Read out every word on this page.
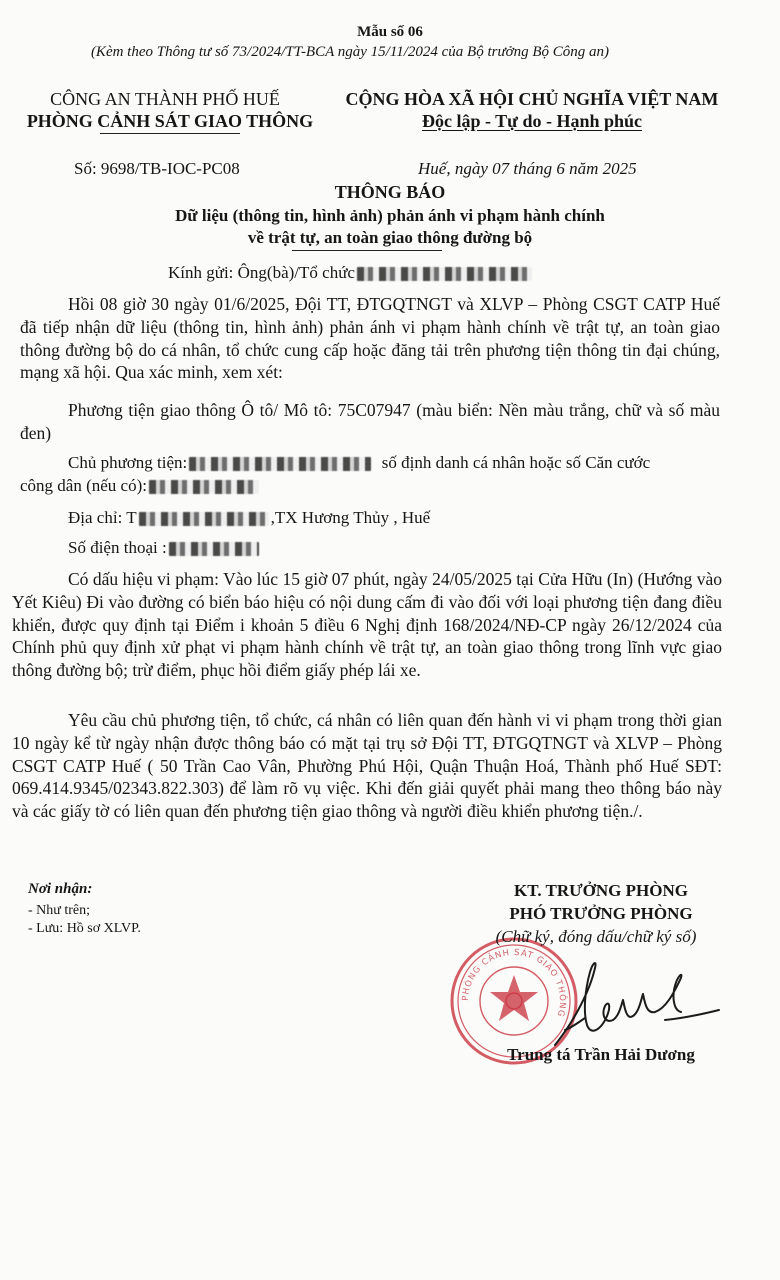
Mẫu số 06
(Kèm theo Thông tư số 73/2024/TT-BCA ngày 15/11/2024 của Bộ trưởng Bộ Công an)
CÔNG AN THÀNH PHỐ HUẾ
PHÒNG CẢNH SÁT GIAO THÔNG
CỘNG HÒA XÃ HỘI CHỦ NGHĨA VIỆT NAM
Độc lập - Tự do - Hạnh phúc
Số: 9698/TB-IOC-PC08	Huế, ngày 07 tháng 6 năm 2025
THÔNG BÁO
Dữ liệu (thông tin, hình ảnh) phản ánh vi phạm hành chính
về trật tự, an toàn giao thông đường bộ
Kính gửi: Ông(bà)/Tổ chức
Hồi 08 giờ 30 ngày 01/6/2025, Đội TT, ĐTGQTNGT và XLVP – Phòng CSGT CATP Huế đã tiếp nhận dữ liệu (thông tin, hình ảnh) phản ánh vi phạm hành chính về trật tự, an toàn giao thông đường bộ do cá nhân, tổ chức cung cấp hoặc đăng tải trên phương tiện thông tin đại chúng, mạng xã hội. Qua xác minh, xem xét:
Phương tiện giao thông Ô tô/ Mô tô: 75C07947 (màu biển: Nền màu trắng, chữ và số màu đen)
Chủ phương tiện:	số định danh cá nhân hoặc số Căn cước
công dân (nếu có):
Địa chỉ: T	,TX Hương Thủy , Huế
Số điện thoại :
Có dấu hiệu vi phạm: Vào lúc 15 giờ 07 phút, ngày 24/05/2025 tại Cửa Hữu (In) (Hướng vào Yết Kiêu) Đi vào đường có biển báo hiệu có nội dung cấm đi vào đối với loại phương tiện đang điều khiển, được quy định tại Điểm i khoản 5 điều 6 Nghị định 168/2024/NĐ-CP ngày 26/12/2024 của Chính phủ quy định xử phạt vi phạm hành chính về trật tự, an toàn giao thông trong lĩnh vực giao thông đường bộ; trừ điểm, phục hồi điểm giấy phép lái xe.
Yêu cầu chủ phương tiện, tổ chức, cá nhân có liên quan đến hành vi vi phạm trong thời gian 10 ngày kể từ ngày nhận được thông báo có mặt tại trụ sở Đội TT, ĐTGQTNGT và XLVP – Phòng CSGT CATP Huế ( 50 Trần Cao Vân, Phường Phú Hội, Quận Thuận Hoá, Thành phố Huế SĐT: 069.414.9345/02343.822.303) để làm rõ vụ việc. Khi đến giải quyết phải mang theo thông báo này và các giấy tờ có liên quan đến phương tiện giao thông và người điều khiển phương tiện./.
Nơi nhận:
- Như trên;
- Lưu: Hồ sơ XLVP.
PHÒNG CẢNH SÁT GIAO THÔNG
KT. TRƯỞNG PHÒNG
PHÓ TRƯỞNG PHÒNG
(Chữ ký, đóng dấu/chữ ký số)
Trung tá Trần Hải Dương
